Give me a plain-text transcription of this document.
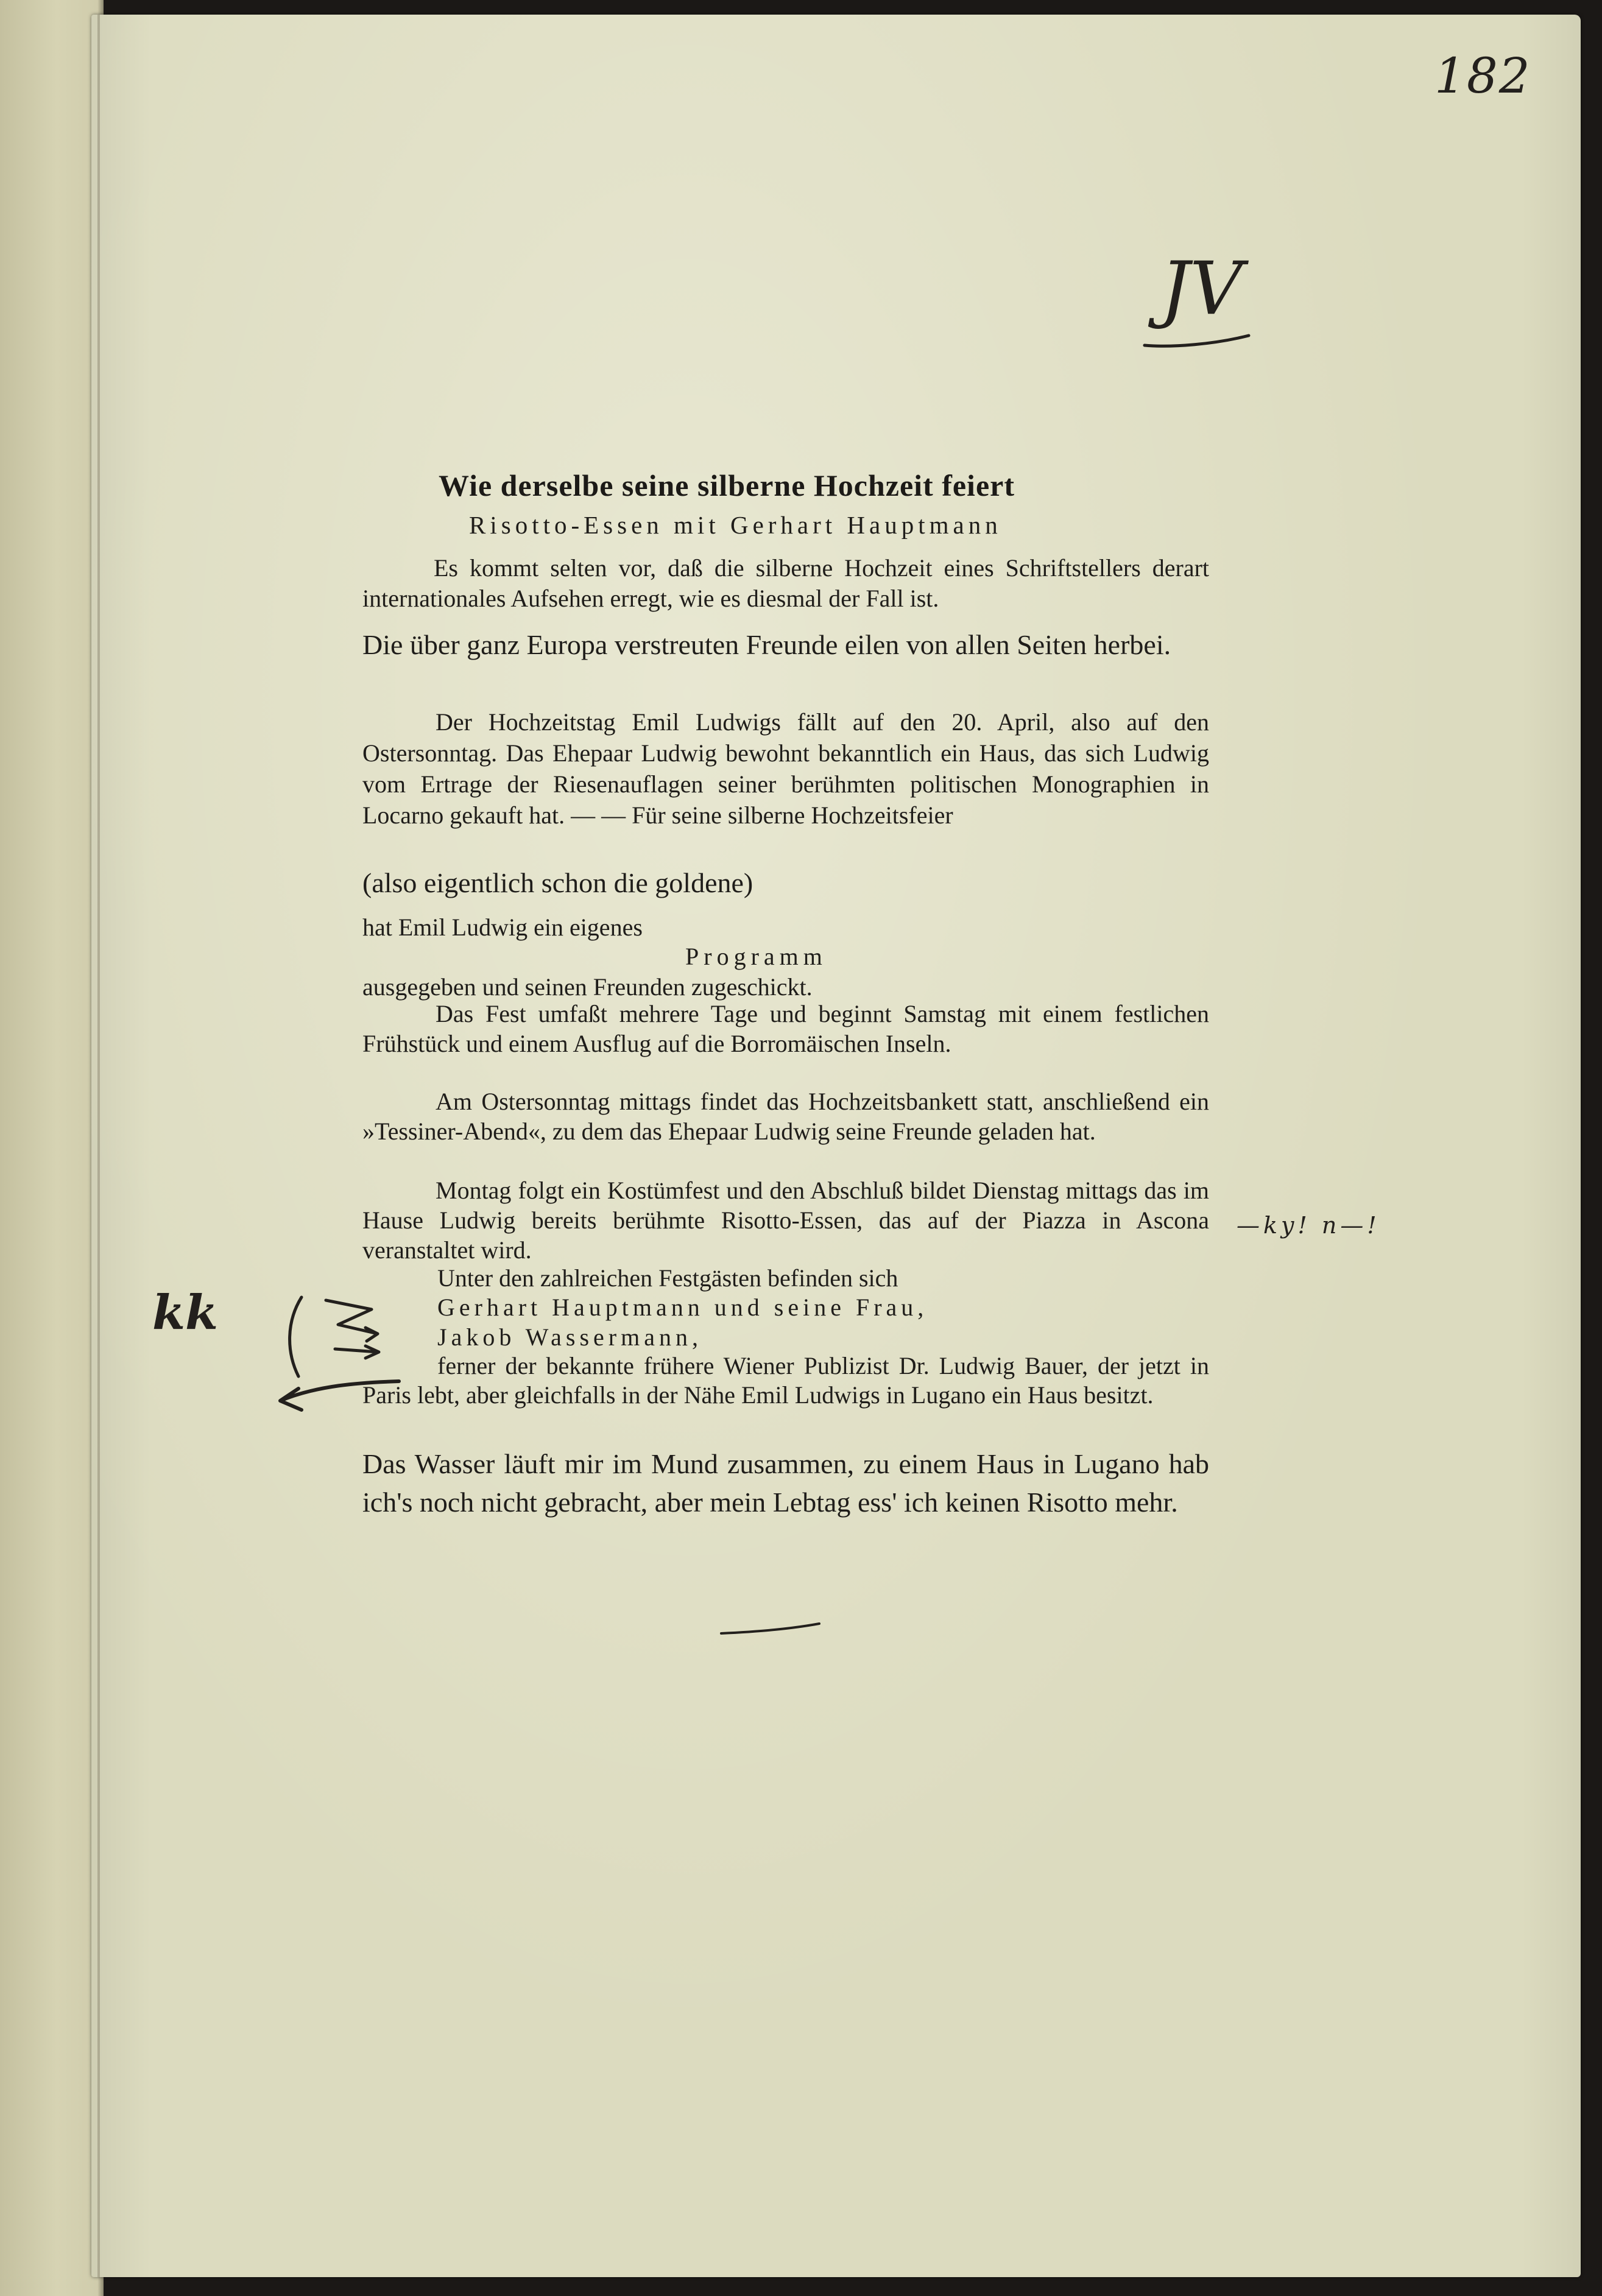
182
JV
kk
—ky! n—!
Wie derselbe seine silberne Hochzeit feiert
Risotto-Essen mit Gerhart Hauptmann
Es kommt selten vor, daß die silberne Hochzeit eines Schriftstellers derart internationales Aufsehen erregt, wie es diesmal der Fall ist.
Die über ganz Europa verstreuten Freunde eilen von allen Seiten herbei.
Der Hochzeitstag Emil Ludwigs fällt auf den 20. April, also auf den Ostersonntag. Das Ehepaar Ludwig bewohnt bekanntlich ein Haus, das sich Ludwig vom Ertrage der Riesenauflagen seiner berühmten politischen Monographien in Locarno gekauft hat. — — Für seine silberne Hochzeitsfeier
(also eigentlich schon die goldene)
hat Emil Ludwig ein eigenes
Programm
ausgegeben und seinen Freunden zugeschickt.
Das Fest umfaßt mehrere Tage und beginnt Samstag mit einem festlichen Frühstück und einem Ausflug auf die Borromäischen Inseln.
Am Ostersonntag mittags findet das Hochzeitsbankett statt, anschließend ein »Tessiner-Abend«, zu dem das Ehepaar Ludwig seine Freunde geladen hat.
Montag folgt ein Kostümfest und den Abschluß bildet Dienstag mittags das im Hause Ludwig bereits berühmte Risotto-Essen, das auf der Piazza in Ascona veranstaltet wird.
Unter den zahlreichen Festgästen befinden sich
Gerhart Hauptmann und seine Frau,
Jakob Wassermann,
ferner der bekannte frühere Wiener Publizist Dr. Ludwig Bauer, der jetzt in Paris lebt, aber gleichfalls in der Nähe Emil Ludwigs in Lugano ein Haus besitzt.
Das Wasser läuft mir im Mund zusammen, zu einem Haus in Lugano hab ich's noch nicht gebracht, aber mein Lebtag ess' ich keinen Risotto mehr.
